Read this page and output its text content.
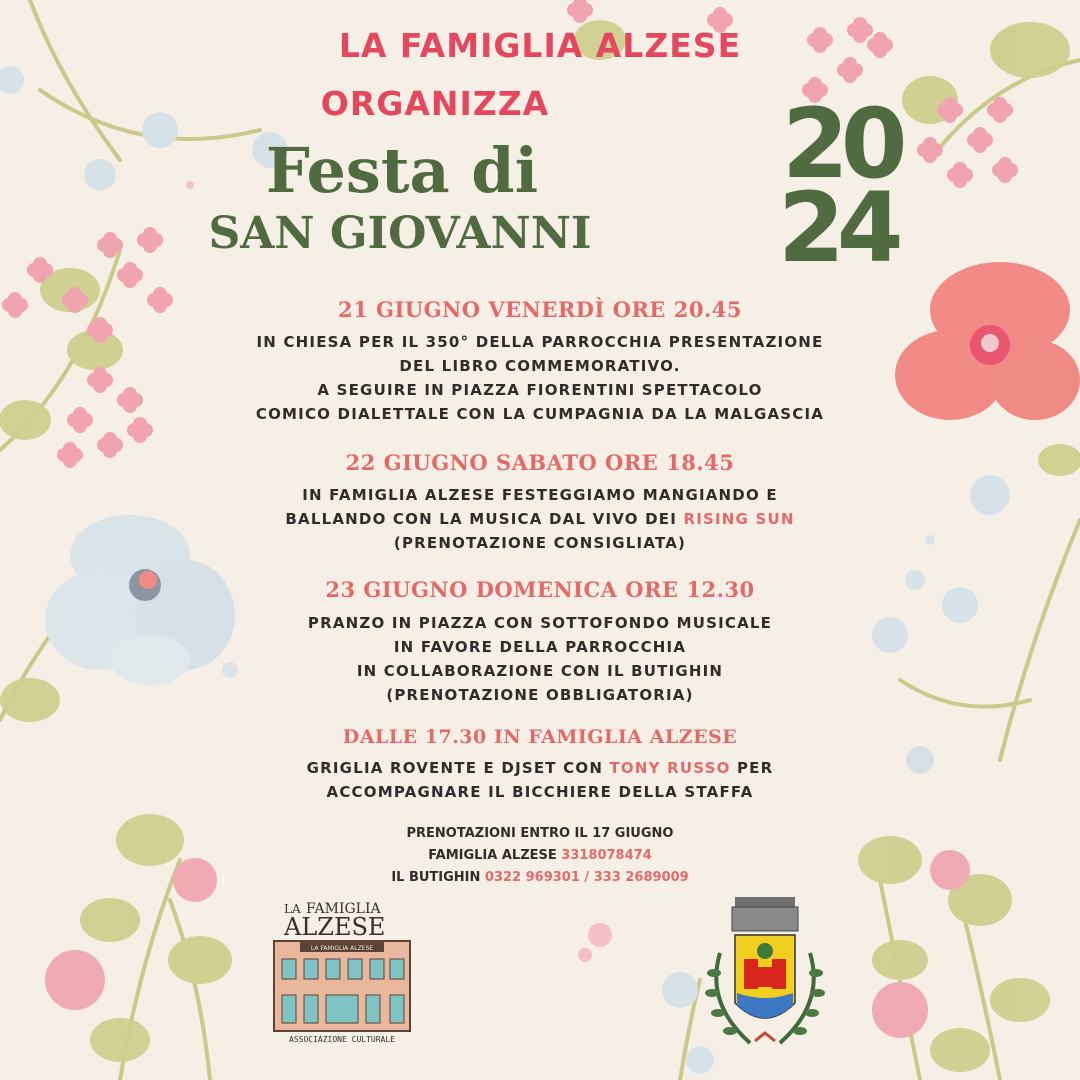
LA FAMIGLIA ALZESE

ORGANIZZA

Festa di

SAN GIOVANNI

20
24

21 GIUGNO VENERDÌ ORE 20.45

IN CHIESA PER IL 350° DELLA PARROCCHIA PRESENTAZIONE

DEL LIBRO COMMEMORATIVO.

A SEGUIRE IN PIAZZA FIORENTINI SPETTACOLO

COMICO DIALETTALE CON LA CUMPAGNIA DA LA MALGASCIA

22 GIUGNO SABATO ORE 18.45

IN FAMIGLIA ALZESE FESTEGGIAMO MANGIANDO E

BALLANDO CON LA MUSICA DAL VIVO DEI RISING SUN

(PRENOTAZIONE CONSIGLIATA)

23 GIUGNO DOMENICA ORE 12.30

PRANZO IN PIAZZA CON SOTTOFONDO MUSICALE

IN FAVORE DELLA PARROCCHIA

IN COLLABORAZIONE CON IL BUTIGHIN

(PRENOTAZIONE OBBLIGATORIA)

DALLE 17.30 IN FAMIGLIA ALZESE

GRIGLIA ROVENTE E DJSET CON TONY RUSSO PER

ACCOMPAGNARE IL BICCHIERE DELLA STAFFA

PRENOTAZIONI ENTRO IL 17 GIUGNO

FAMIGLIA ALZESE 3318078474

IL BUTIGHIN 0322 969301 / 333 2689009

LA FAMIGLIA
ALZESE
LA FAMIGLIA ALZESE
ASSOCIAZIONE CULTURALE
